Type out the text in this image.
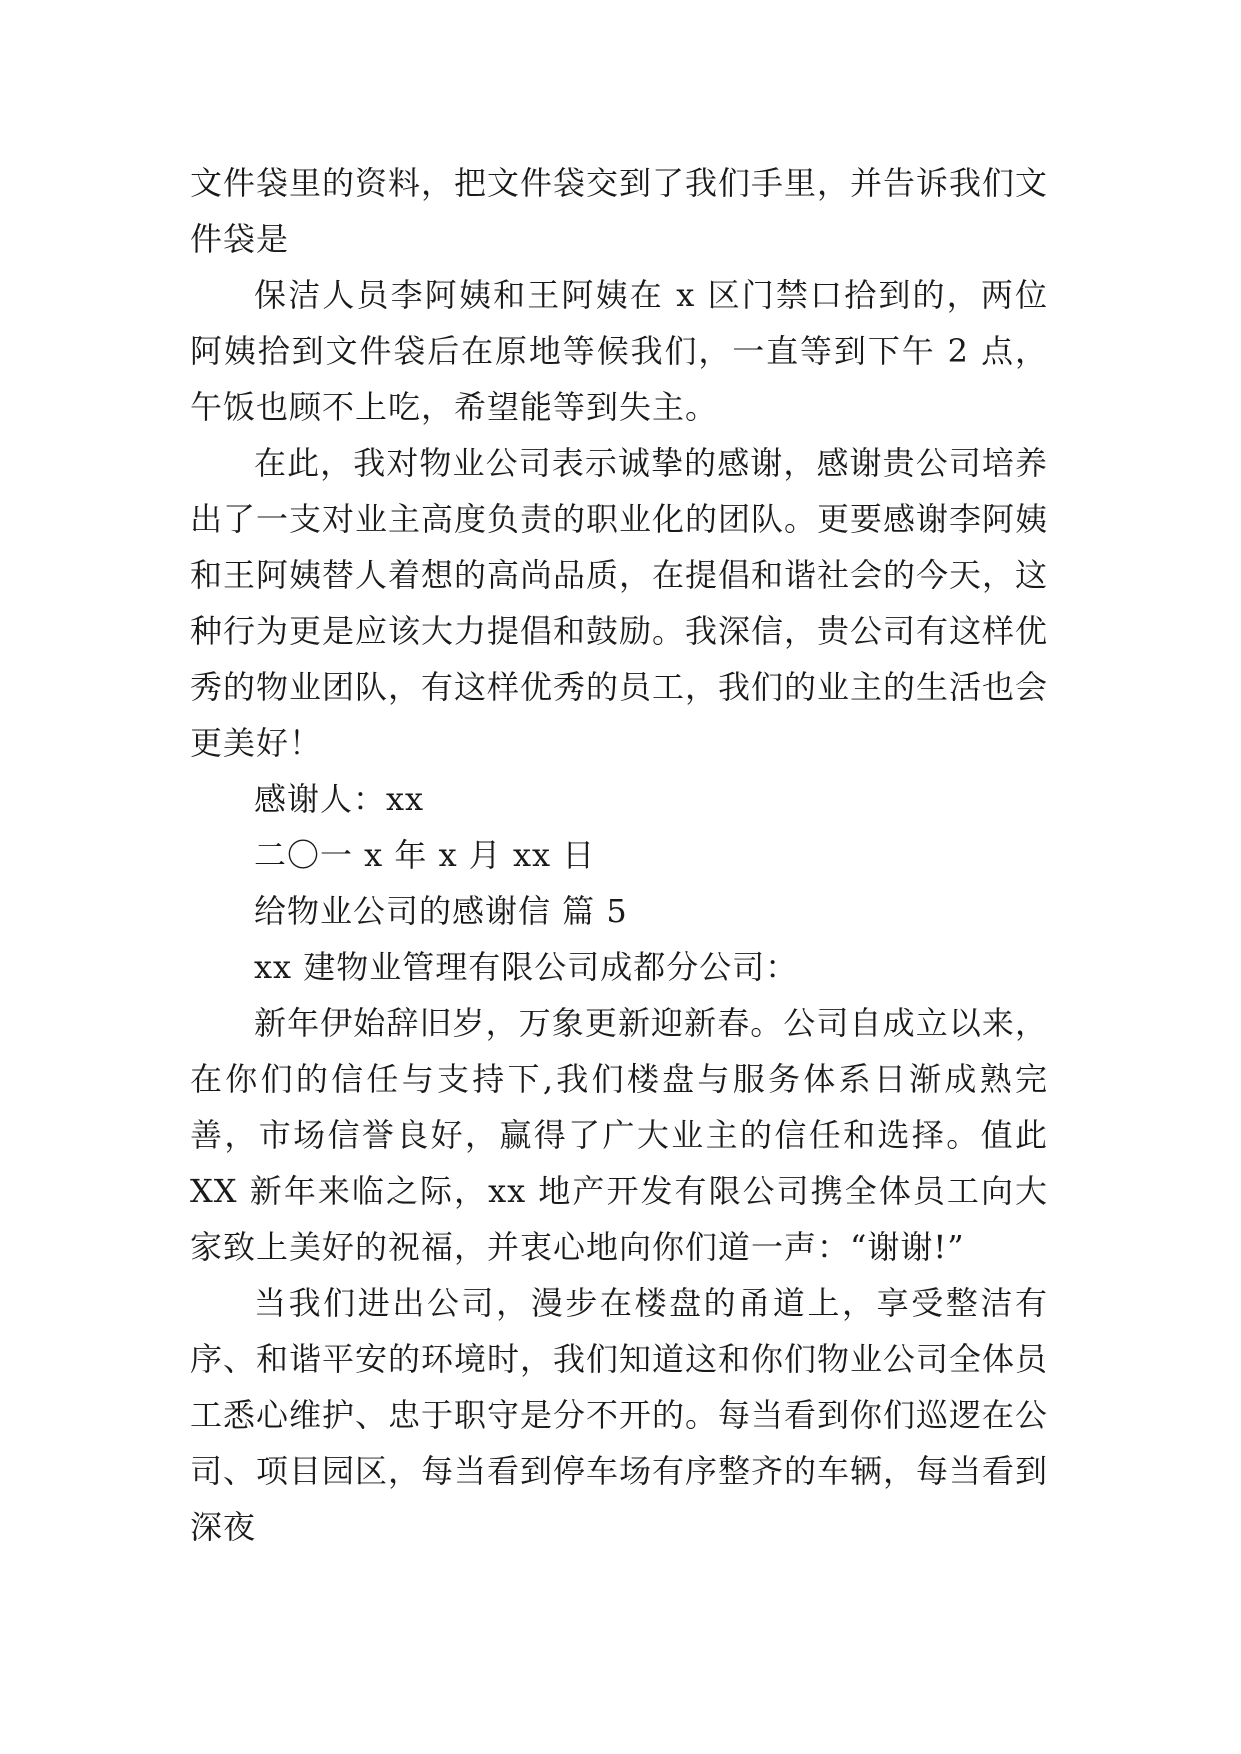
文件袋里的资料，把文件袋交到了我们手里，并告诉我们文件袋是

保洁人员李阿姨和王阿姨在 x 区门禁口拾到的，两位阿姨拾到文件袋后在原地等候我们，一直等到下午 2 点，午饭也顾不上吃，希望能等到失主。

在此，我对物业公司表示诚挚的感谢，感谢贵公司培养出了一支对业主高度负责的职业化的团队。更要感谢李阿姨和王阿姨替人着想的高尚品质，在提倡和谐社会的今天，这种行为更是应该大力提倡和鼓励。我深信，贵公司有这样优秀的物业团队，有这样优秀的员工，我们的业主的生活也会更美好！

感谢人：xx

二〇一 x 年 x 月 xx 日

给物业公司的感谢信 篇 5

xx 建物业管理有限公司成都分公司：

新年伊始辞旧岁，万象更新迎新春。公司自成立以来，在你们的信任与支持下,我们楼盘与服务体系日渐成熟完善，市场信誉良好，赢得了广大业主的信任和选择。值此 XX 新年来临之际，xx 地产开发有限公司携全体员工向大家致上美好的祝福，并衷心地向你们道一声：“谢谢!”

当我们进出公司，漫步在楼盘的甬道上，享受整洁有序、和谐平安的环境时，我们知道这和你们物业公司全体员工悉心维护、忠于职守是分不开的。每当看到你们巡逻在公司、项目园区，每当看到停车场有序整齐的车辆，每当看到深夜
